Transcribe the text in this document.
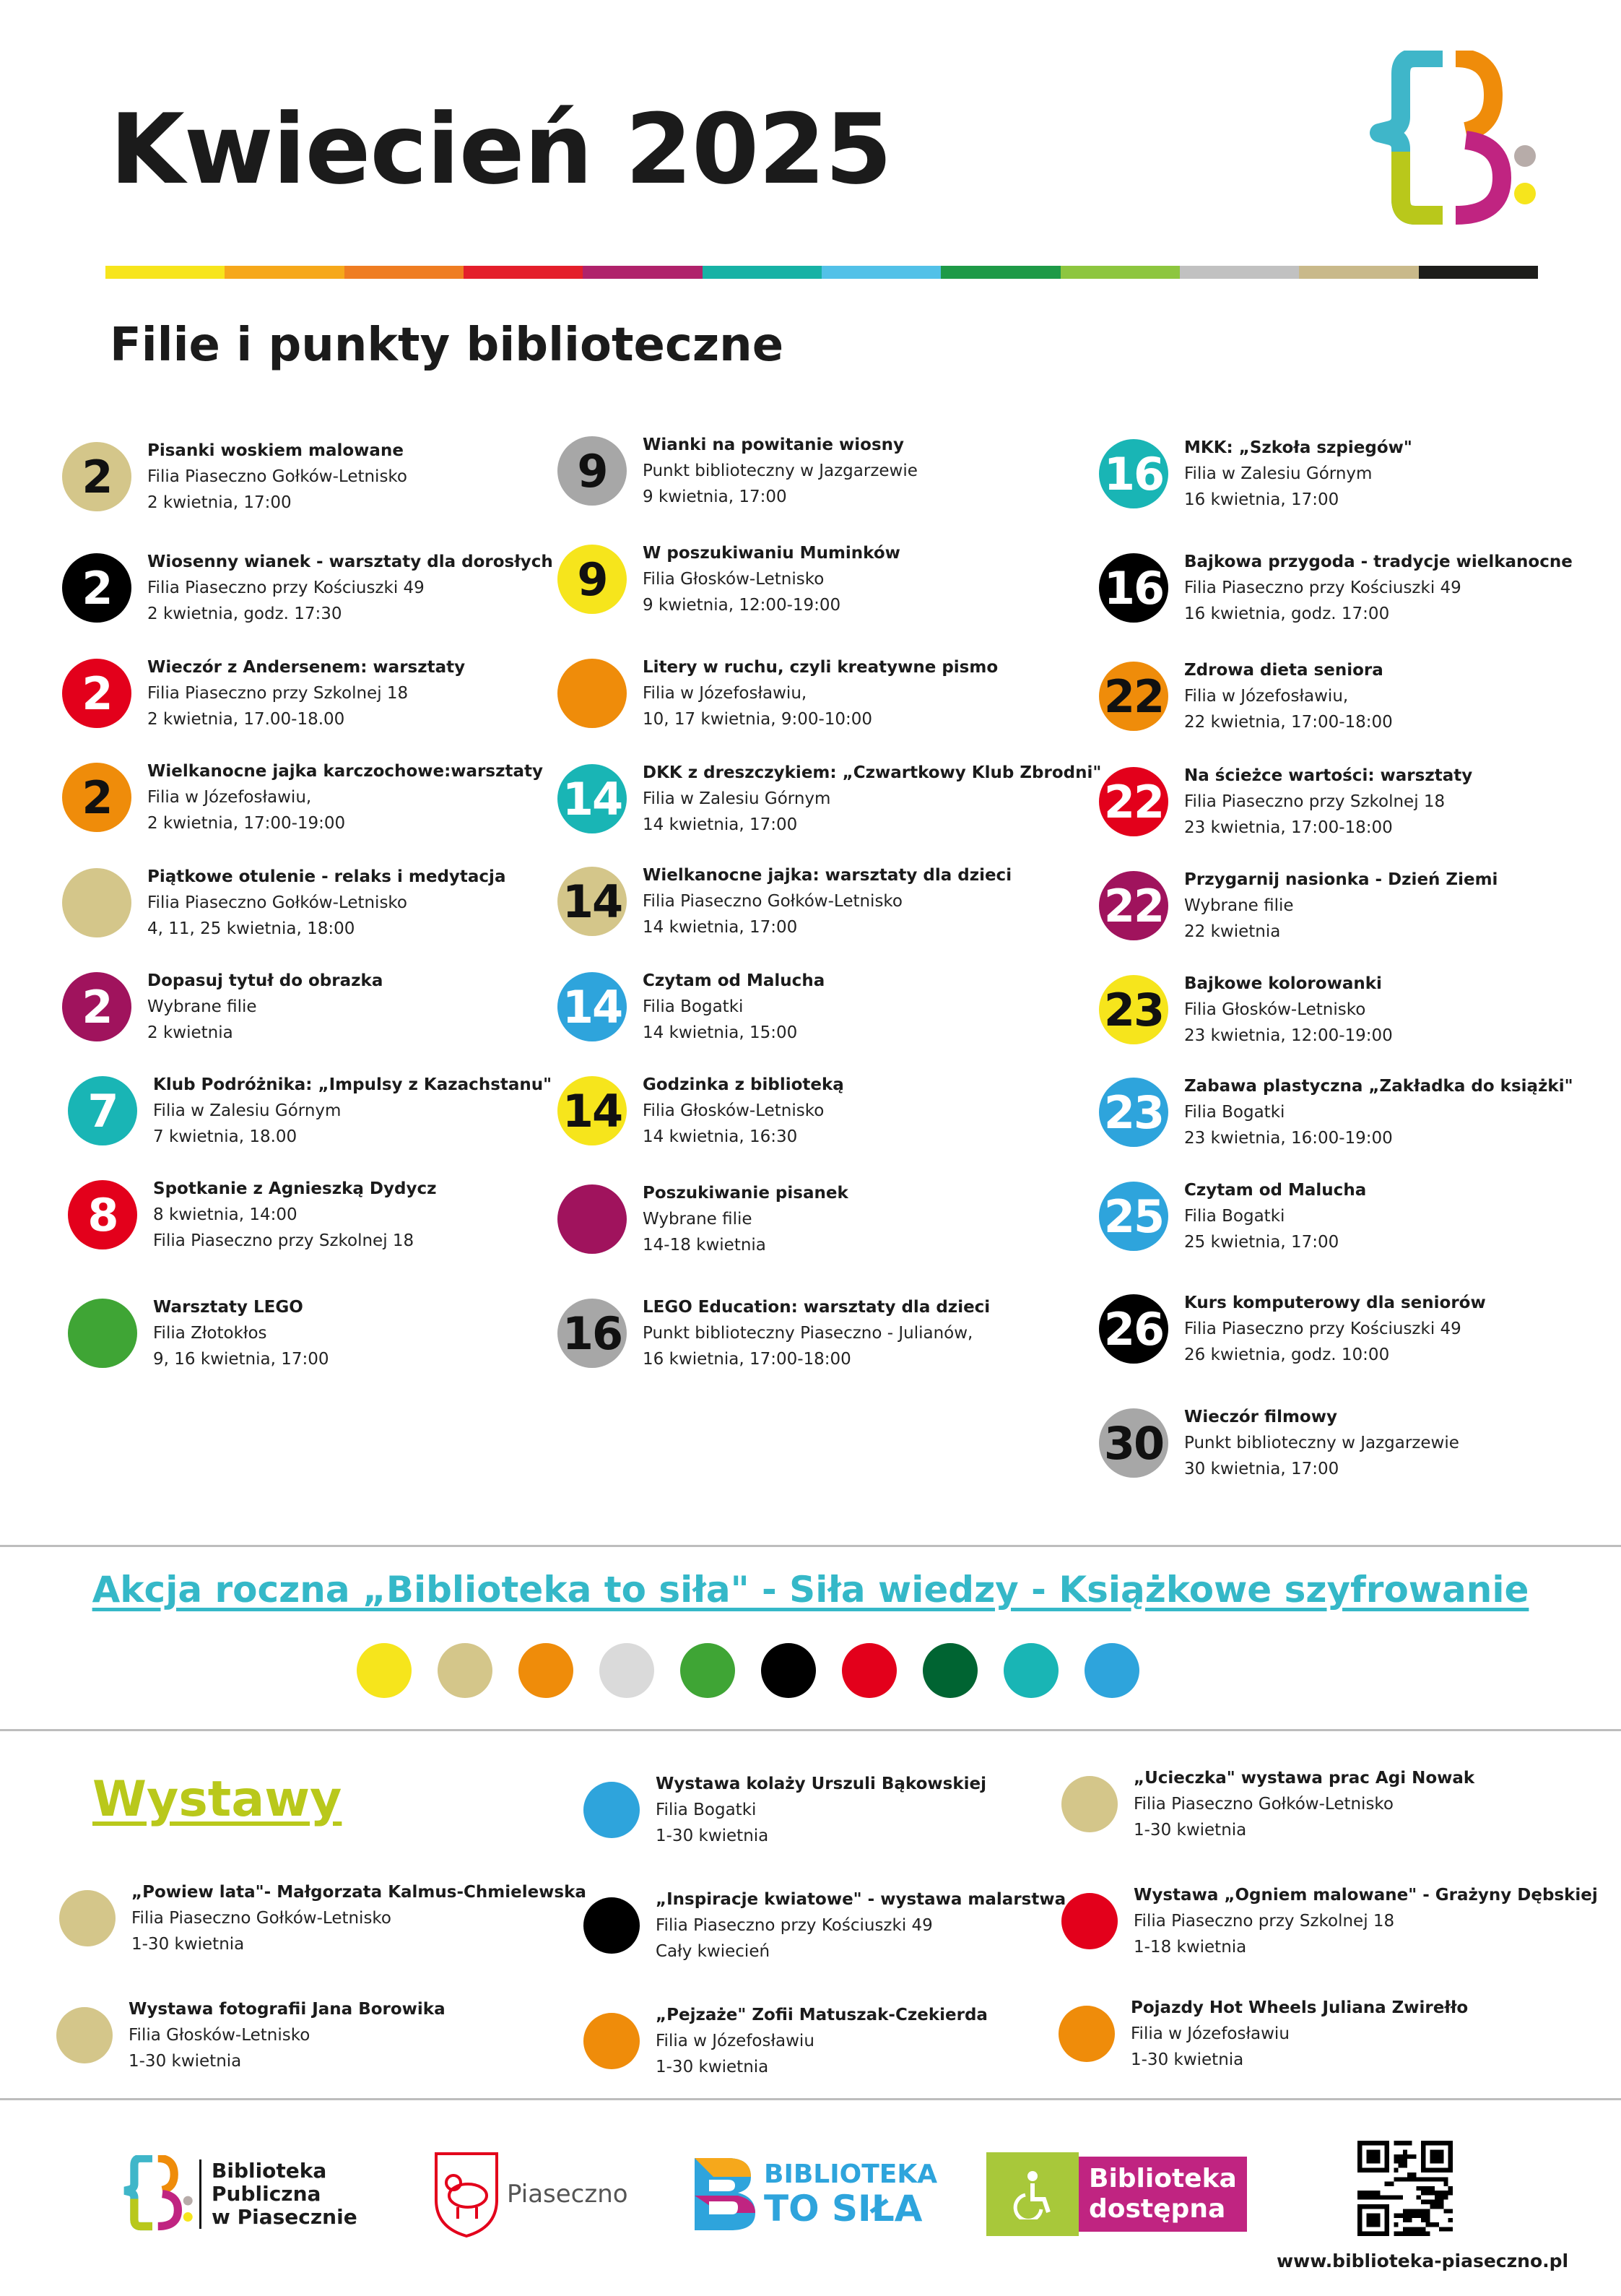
Kwiecień 2025
Filie i punkty biblioteczne
2	Pisanki woskiem malowane
Filia Piaseczno Gołków-Letnisko
2 kwietnia, 17:00
2	Wiosenny wianek - warsztaty dla dorosłych
Filia Piaseczno przy Kościuszki 49
2 kwietnia, godz. 17:30
2	Wieczór z Andersenem: warsztaty
Filia Piaseczno przy Szkolnej 18
2 kwietnia, 17.00-18.00
2	Wielkanocne jajka karczochowe:warsztaty
Filia w Józefosławiu,
2 kwietnia, 17:00-19:00
Piątkowe otulenie - relaks i medytacja
Filia Piaseczno Gołków-Letnisko
4, 11, 25 kwietnia, 18:00
2	Dopasuj tytuł do obrazka
Wybrane filie
2 kwietnia
7	Klub Podróżnika: „Impulsy z Kazachstanu"
Filia w Zalesiu Górnym
7 kwietnia, 18.00
8	Spotkanie z Agnieszką Dydycz
8 kwietnia, 14:00
Filia Piaseczno przy Szkolnej 18
Warsztaty LEGO
Filia Złotokłos
9, 16 kwietnia, 17:00
9	Wianki na powitanie wiosny
Punkt biblioteczny w Jazgarzewie
9 kwietnia, 17:00
9	W poszukiwaniu Muminków
Filia Głosków-Letnisko
9 kwietnia, 12:00-19:00
Litery w ruchu, czyli kreatywne pismo
Filia w Józefosławiu,
10, 17 kwietnia, 9:00-10:00
14 DKK z dreszczykiem: „Czwartkowy Klub Zbrodni"
Filia w Zalesiu Górnym
14 kwietnia, 17:00
14 Wielkanocne jajka: warsztaty dla dzieci
Filia Piaseczno Gołków-Letnisko
14 kwietnia, 17:00
14 Czytam od Malucha
Filia Bogatki
14 kwietnia, 15:00
14 Godzinka z biblioteką
Filia Głosków-Letnisko
14 kwietnia, 16:30
Poszukiwanie pisanek
Wybrane filie
14-18 kwietnia
16 LEGO Education: warsztaty dla dzieci
Punkt biblioteczny Piaseczno - Julianów,
16 kwietnia, 17:00-18:00
16 MKK: „Szkoła szpiegów"
Filia w Zalesiu Górnym
16 kwietnia, 17:00
16 Bajkowa przygoda - tradycje wielkanocne
Filia Piaseczno przy Kościuszki 49
16 kwietnia, godz. 17:00
22 Zdrowa dieta seniora
Filia w Józefosławiu,
22 kwietnia, 17:00-18:00
22 Na ścieżce wartości: warsztaty
Filia Piaseczno przy Szkolnej 18
23 kwietnia, 17:00-18:00
22 Przygarnij nasionka - Dzień Ziemi
Wybrane filie
22 kwietnia
23 Bajkowe kolorowanki
Filia Głosków-Letnisko
23 kwietnia, 12:00-19:00
23 Zabawa plastyczna „Zakładka do książki"
Filia Bogatki
23 kwietnia, 16:00-19:00
25 Czytam od Malucha
Filia Bogatki
25 kwietnia, 17:00
26 Kurs komputerowy dla seniorów
Filia Piaseczno przy Kościuszki 49
26 kwietnia, godz. 10:00
30 Wieczór filmowy
Punkt biblioteczny w Jazgarzewie
30 kwietnia, 17:00
Akcja roczna „Biblioteka to siła" - Siła wiedzy - Książkowe szyfrowanie
Wystawy
„Powiew lata"- Małgorzata Kalmus-Chmielewska
Filia Piaseczno Gołków-Letnisko
1-30 kwietnia
Wystawa fotografii Jana Borowika
Filia Głosków-Letnisko
1-30 kwietnia
Wystawa kolaży Urszuli Bąkowskiej
Filia Bogatki
1-30 kwietnia
„Inspiracje kwiatowe" - wystawa malarstwa
Filia Piaseczno przy Kościuszki 49
Cały kwiecień
„Pejzaże" Zofii Matuszak-Czekierda
Filia w Józefosławiu
1-30 kwietnia
„Ucieczka" wystawa prac Agi Nowak
Filia Piaseczno Gołków-Letnisko
1-30 kwietnia
Wystawa „Ogniem malowane" - Grażyny Dębskiej
Filia Piaseczno przy Szkolnej 18
1-18 kwietnia
Pojazdy Hot Wheels Juliana Zwirełło
Filia w Józefosławiu
1-30 kwietnia
Biblioteka
Publiczna
w Piasecznie
Piaseczno
BIBLIOTEKA
TO SIŁA
Biblioteka
dostępna
www.biblioteka-piaseczno.pl
